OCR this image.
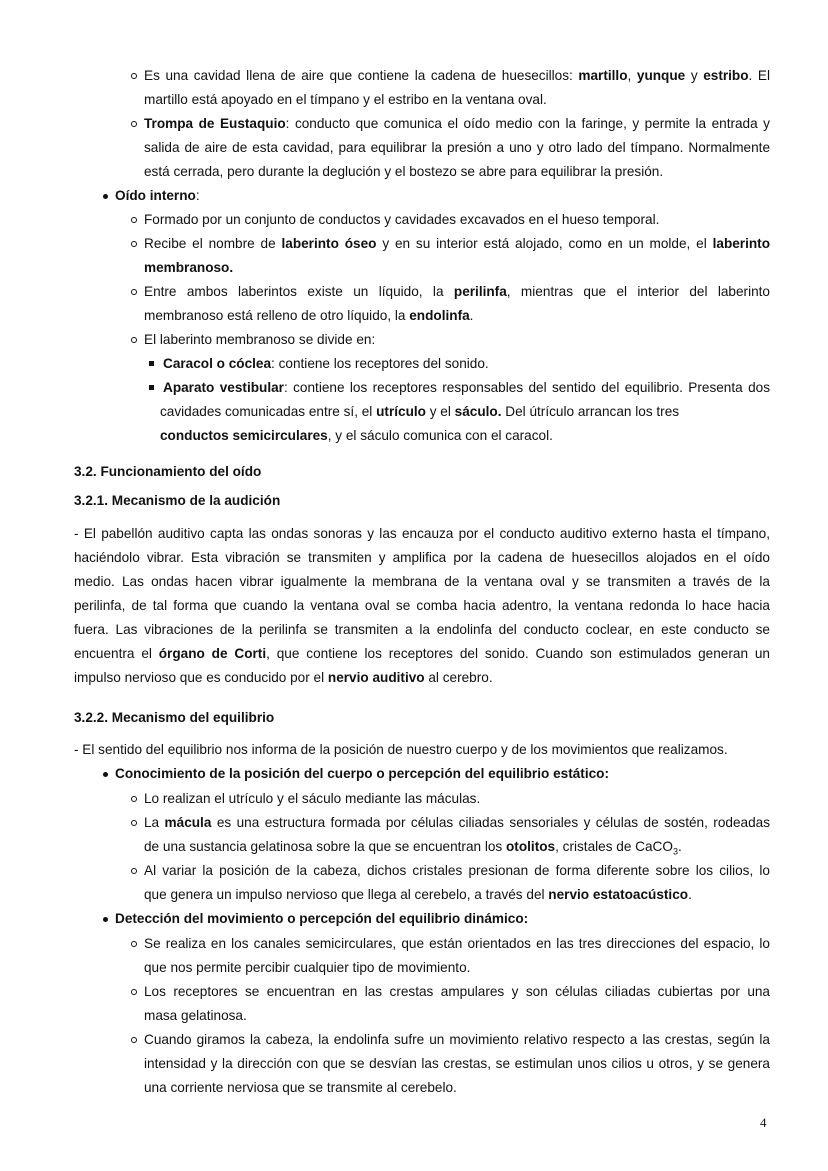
Es una cavidad llena de aire que contiene la cadena de huesecillos: martillo, yunque y estribo. El
martillo está apoyado en el tímpano y el estribo en la ventana oval.
Trompa de Eustaquio: conducto que comunica el oído medio con la faringe, y permite la entrada y
salida de aire de esta cavidad, para equilibrar la presión a uno y otro lado del tímpano. Normalmente
está cerrada, pero durante la deglución y el bostezo se abre para equilibrar la presión.
Oído interno:
Formado por un conjunto de conductos y cavidades excavados en el hueso temporal.
Recibe el nombre de laberinto óseo y en su interior está alojado, como en un molde, el laberinto
membranoso.
Entre ambos laberintos existe un líquido, la perilinfa, mientras que el interior del laberinto
membranoso está relleno de otro líquido, la endolinfa.
El laberinto membranoso se divide en:
Caracol o cóclea: contiene los receptores del sonido.
Aparato vestibular: contiene los receptores responsables del sentido del equilibrio. Presenta dos
cavidades comunicadas entre sí, el utrículo y el sáculo. Del útrículo arrancan los tres
conductos semicirculares, y el sáculo comunica con el caracol.
3.2. Funcionamiento del oído
3.2.1. Mecanismo de la audición
- El pabellón auditivo capta las ondas sonoras y las encauza por el conducto auditivo externo hasta el tímpano,
haciéndolo vibrar. Esta vibración se transmiten y amplifica por la cadena de huesecillos alojados en el oído
medio. Las ondas hacen vibrar igualmente la membrana de la ventana oval y se transmiten a través de la
perilinfa, de tal forma que cuando la ventana oval se comba hacia adentro, la ventana redonda lo hace hacia
fuera. Las vibraciones de la perilinfa se transmiten a la endolinfa del conducto coclear, en este conducto se
encuentra el órgano de Corti, que contiene los receptores del sonido. Cuando son estimulados generan un
impulso nervioso que es conducido por el nervio auditivo al cerebro.
3.2.2. Mecanismo del equilibrio
- El sentido del equilibrio nos informa de la posición de nuestro cuerpo y de los movimientos que realizamos.
Conocimiento de la posición del cuerpo o percepción del equilibrio estático:
Lo realizan el utrículo y el sáculo mediante las máculas.
La mácula es una estructura formada por células ciliadas sensoriales y células de sostén, rodeadas
de una sustancia gelatinosa sobre la que se encuentran los otolitos, cristales de CaCO$_3$.
Al variar la posición de la cabeza, dichos cristales presionan de forma diferente sobre los cilios, lo
que genera un impulso nervioso que llega al cerebelo, a través del nervio estatoacústico.
Detección del movimiento o percepción del equilibrio dinámico:
Se realiza en los canales semicirculares, que están orientados en las tres direcciones del espacio, lo
que nos permite percibir cualquier tipo de movimiento.
Los receptores se encuentran en las crestas ampulares y son células ciliadas cubiertas por una
masa gelatinosa.
Cuando giramos la cabeza, la endolinfa sufre un movimiento relativo respecto a las crestas, según la
intensidad y la dirección con que se desvían las crestas, se estimulan unos cilios u otros, y se genera
una corriente nerviosa que se transmite al cerebelo.
4
